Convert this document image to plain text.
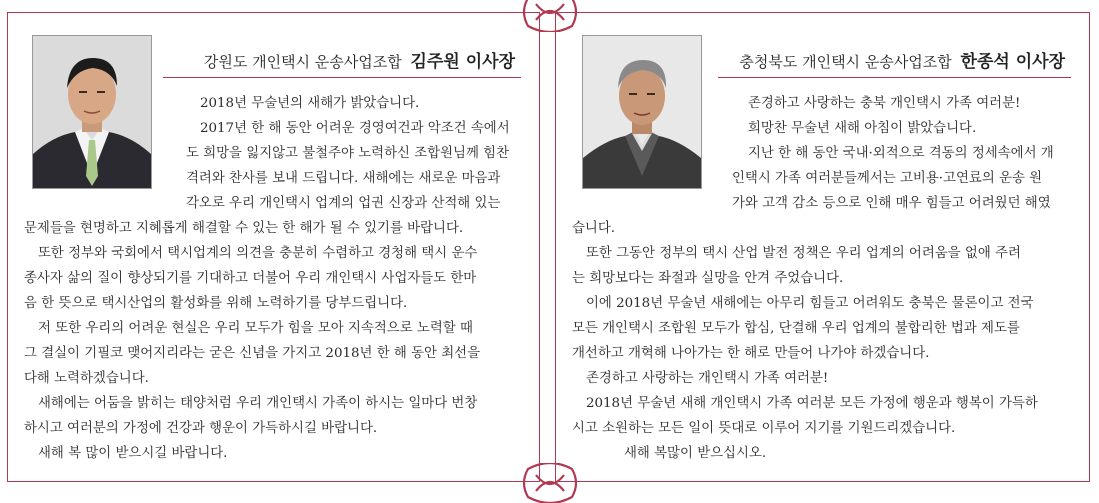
강원도 개인택시 운송사업조합 김주원 이사장
2018년 무술년의 새해가 밝았습니다.
2017년 한 해 동안 어려운 경영여건과 악조건 속에서
도 희망을 잃지않고 불철주야 노력하신 조합원님께 힘찬
격려와 찬사를 보내 드립니다. 새해에는 새로운 마음과
각오로 우리 개인택시 업계의 업권 신장과 산적해 있는
문제들을 현명하고 지혜롭게 해결할 수 있는 한 해가 될 수 있기를 바랍니다.
또한 정부와 국회에서 택시업계의 의견을 충분히 수렴하고 경청해 택시 운수
종사자 삶의 질이 향상되기를 기대하고 더불어 우리 개인택시 사업자들도 한마
음 한 뜻으로 택시산업의 활성화를 위해 노력하기를 당부드립니다.
저 또한 우리의 어려운 현실은 우리 모두가 힘을 모아 지속적으로 노력할 때
그 결실이 기필코 맺어지리라는 굳은 신념을 가지고 2018년 한 해 동안 최선을
다해 노력하겠습니다.
새해에는 어둠을 밝히는 태양처럼 우리 개인택시 가족이 하시는 일마다 번창
하시고 여러분의 가정에 건강과 행운이 가득하시길 바랍니다.
새해 복 많이 받으시길 바랍니다.
충청북도 개인택시 운송사업조합 한종석 이사장
존경하고 사랑하는 충북 개인택시 가족 여러분!
희망찬 무술년 새해 아침이 밝았습니다.
지난 한 해 동안 국내·외적으로 격동의 정세속에서 개
인택시 가족 여러분들께서는 고비용·고연료의 운송 원
가와 고객 감소 등으로 인해 매우 힘들고 어려웠던 해였
습니다.
또한 그동안 정부의 택시 산업 발전 정책은 우리 업계의 어려움을 없애 주려
는 희망보다는 좌절과 실망을 안겨 주었습니다.
이에 2018년 무술년 새해에는 아무리 힘들고 어려워도 충북은 물론이고 전국
모든 개인택시 조합원 모두가 합심, 단결해 우리 업계의 불합리한 법과 제도를
개선하고 개혁해 나아가는 한 해로 만들어 나가야 하겠습니다.
존경하고 사랑하는 개인택시 가족 여러분!
2018년 무술년 새해 개인택시 가족 여러분 모든 가정에 행운과 행복이 가득하
시고 소원하는 모든 일이 뜻대로 이루어 지기를 기원드리겠습니다.
새해 복많이 받으십시오.
